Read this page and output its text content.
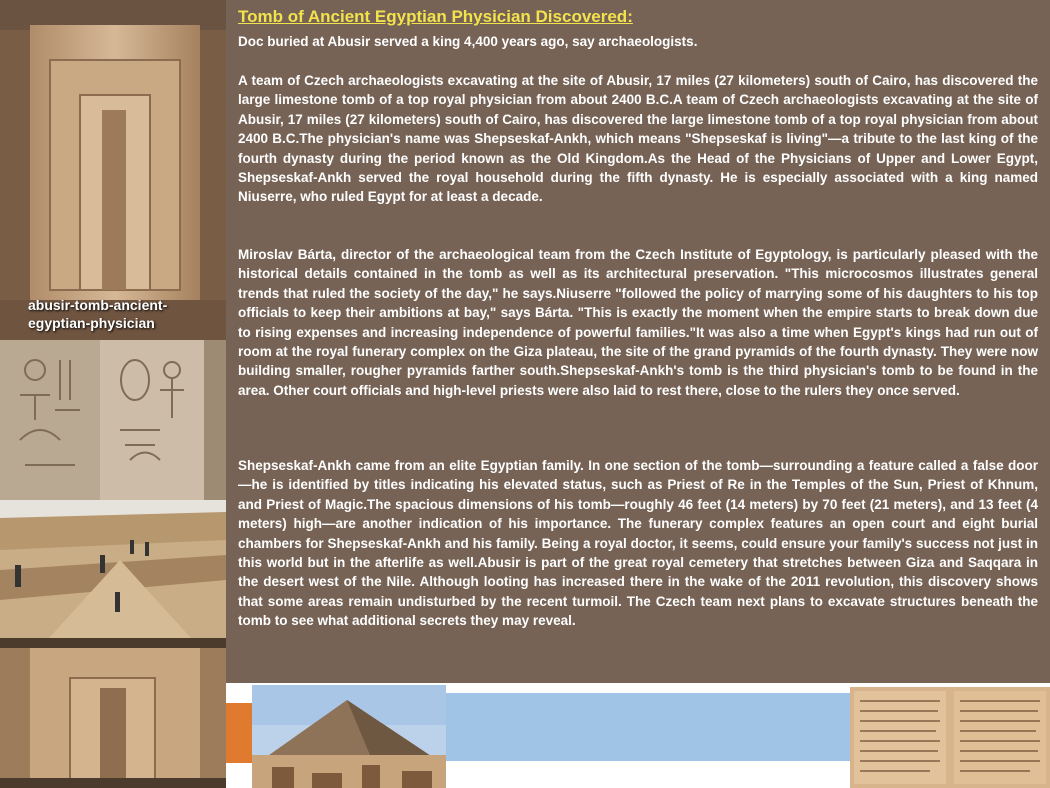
abusir-tomb-ancient-
egyptian-physician
Tomb of Ancient Egyptian Physician Discovered:
Doc buried at Abusir served a king 4,400 years ago, say archaeologists.

A team of Czech archaeologists excavating at the site of Abusir, 17 miles (27 kilometers) south of Cairo, has discovered the large limestone tomb of a top royal physician from about 2400 B.C.A team of Czech archaeologists excavating at the site of Abusir, 17 miles (27 kilometers) south of Cairo, has discovered the large limestone tomb of a top royal physician from about 2400 B.C.The physician's name was Shepseskaf-Ankh, which means "Shepseskaf is living"—a tribute to the last king of the fourth dynasty during the period known as the Old Kingdom.As the Head of the Physicians of Upper and Lower Egypt, Shepseskaf-Ankh served the royal household during the fifth dynasty. He is especially associated with a king named Niuserre, who ruled Egypt for at least a decade.

Miroslav Bárta, director of the archaeological team from the Czech Institute of Egyptology, is particularly pleased with the historical details contained in the tomb as well as its architectural preservation. "This microcosmos illustrates general trends that ruled the society of the day," he says.Niuserre "followed the policy of marrying some of his daughters to his top officials to keep their ambitions at bay," says Bárta. "This is exactly the moment when the empire starts to break down due to rising expenses and increasing independence of powerful families."It was also a time when Egypt's kings had run out of room at the royal funerary complex on the Giza plateau, the site of the grand pyramids of the fourth dynasty. They were now building smaller, rougher pyramids farther south.Shepseskaf-Ankh's tomb is the third physician's tomb to be found in the area. Other court officials and high-level priests were also laid to rest there, close to the rulers they once served.

Shepseskaf-Ankh came from an elite Egyptian family. In one section of the tomb—surrounding a feature called a false door—he is identified by titles indicating his elevated status, such as Priest of Re in the Temples of the Sun, Priest of Khnum, and Priest of Magic.The spacious dimensions of his tomb—roughly 46 feet (14 meters) by 70 feet (21 meters), and 13 feet (4 meters) high—are another indication of his importance. The funerary complex features an open court and eight burial chambers for Shepseskaf-Ankh and his family. Being a royal doctor, it seems, could ensure your family's success not just in this world but in the afterlife as well.Abusir is part of the great royal cemetery that stretches between Giza and Saqqara in the desert west of the Nile. Although looting has increased there in the wake of the 2011 revolution, this discovery shows that some areas remain undisturbed by the recent turmoil. The Czech team next plans to excavate structures beneath the tomb to see what additional secrets they may reveal.
